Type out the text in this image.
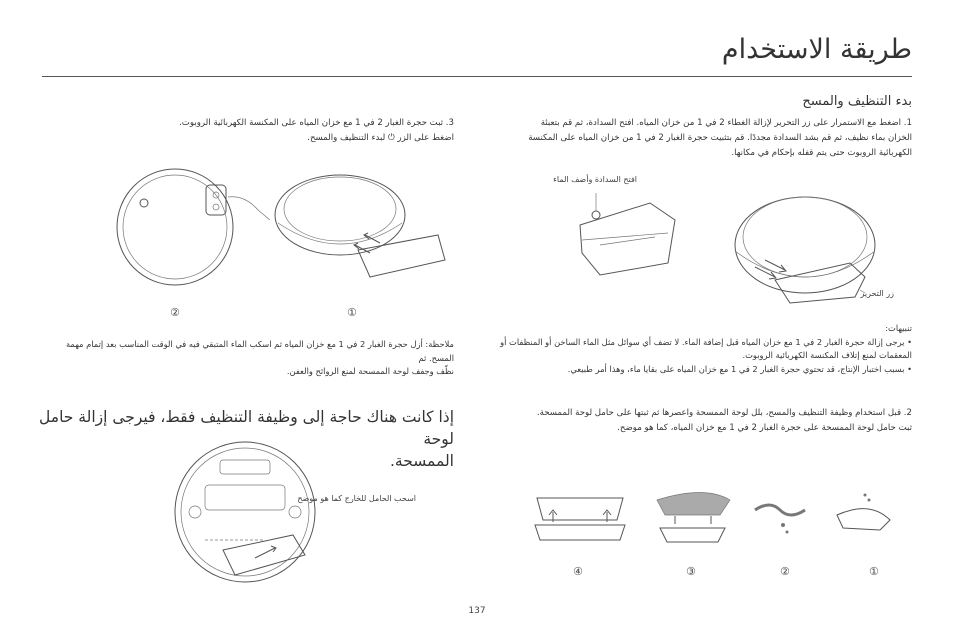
طريقة الاستخدام
بدء التنظيف والمسح
1. اضغط مع الاستمرار على زر التحرير لإزالة الغطاء 2 في 1 من خزان المياه. افتح السدادة، ثم قم بتعبئة
الخزان بماء نظيف، ثم قم بشد السدادة مجددًا. قم بتثبيت حجرة الغبار 2 في 1 من خزان المياه على المكنسة
الكهربائية الروبوت حتى يتم قفله بإحكام في مكانها.
افتح السدادة وأضف الماء
زر التحرير
تنبيهات:
• يرجى إزالة حجرة الغبار 2 في 1 مع خزان المياه قبل إضافة الماء. لا تضف أي سوائل مثل الماء الساخن أو المنظفات أو
المعقمات لمنع إتلاف المكنسة الكهربائية الروبوت.
• بسبب اختبار الإنتاج، قد تحتوي حجرة الغبار 2 في 1 مع خزان المياه على بقايا ماء، وهذا أمر طبيعي.
2. قبل استخدام وظيفة التنظيف والمسح، بلل لوحة الممسحة واعصرها ثم ثبتها على حامل لوحة الممسحة.
ثبت حامل لوحة الممسحة على حجرة الغبار 2 في 1 مع خزان المياه، كما هو موضح.
④	③	②	①
3. ثبت حجرة الغبار 2 في 1 مع خزان المياه على المكنسة الكهربائية الروبوت.
اضغط على الزر ⏻ لبدء التنظيف والمسح.
②	①
ملاحظة: أزل حجرة الغبار 2 في 1 مع خزان المياه ثم اسكب الماء المتبقي فيه في الوقت المناسب بعد إتمام مهمة المسح. ثم
نظّف وجفف لوحة الممسحة لمنع الروائح والعفن.
إذا كانت هناك حاجة إلى وظيفة التنظيف فقط، فيرجى إزالة حامل لوحة
الممسحة.
اسحب الحامل للخارج كما هو موضح
137
